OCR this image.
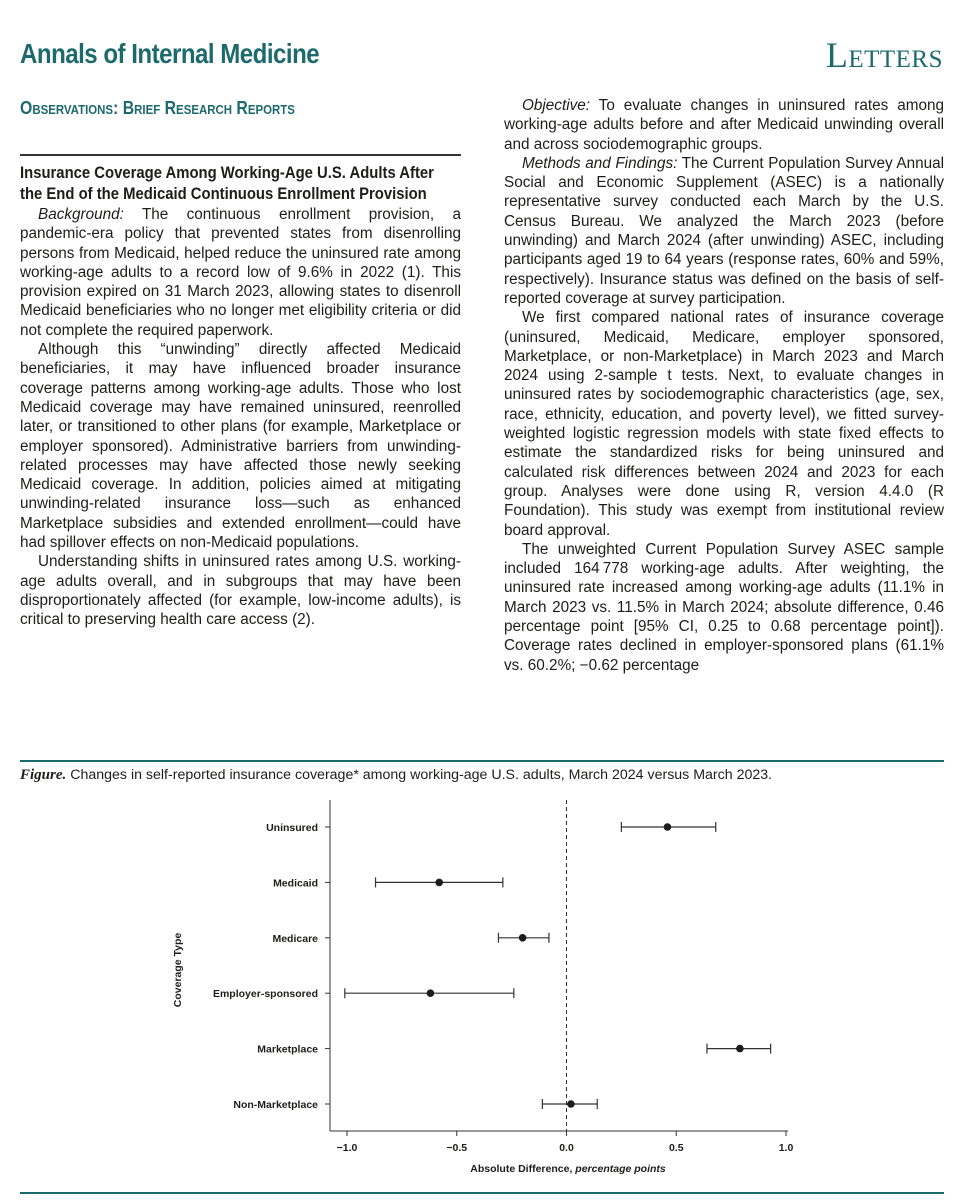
Annals of Internal Medicine	Letters
Observations: Brief Research Reports

Insurance Coverage Among Working-Age U.S. Adults After the End of the Medicaid Continuous Enrollment Provision

Background: The continuous enrollment provision, a pandemic-era policy that prevented states from disenrolling persons from Medicaid, helped reduce the uninsured rate among working-age adults to a record low of 9.6% in 2022 (1). This provision expired on 31 March 2023, allowing states to disenroll Medicaid beneficiaries who no longer met eligibility criteria or did not complete the required paperwork.

Although this “unwinding” directly affected Medicaid beneficiaries, it may have influenced broader insurance coverage patterns among working-age adults. Those who lost Medicaid coverage may have remained uninsured, reenrolled later, or transitioned to other plans (for example, Marketplace or employer sponsored). Administrative barriers from unwinding-related processes may have affected those newly seeking Medicaid coverage. In addition, policies aimed at mitigating unwinding-related insurance loss—such as enhanced Marketplace subsidies and extended enrollment—could have had spillover effects on non-Medicaid populations.

Understanding shifts in uninsured rates among U.S. working-age adults overall, and in subgroups that may have been disproportionately affected (for example, low-income adults), is critical to preserving health care access (2).

Objective: To evaluate changes in uninsured rates among working-age adults before and after Medicaid unwinding overall and across sociodemographic groups.

Methods and Findings: The Current Population Survey Annual Social and Economic Supplement (ASEC) is a nationally representative survey conducted each March by the U.S. Census Bureau. We analyzed the March 2023 (before unwinding) and March 2024 (after unwinding) ASEC, including participants aged 19 to 64 years (response rates, 60% and 59%, respectively). Insurance status was defined on the basis of self-reported coverage at survey participation.

We first compared national rates of insurance coverage (uninsured, Medicaid, Medicare, employer sponsored, Marketplace, or non-Marketplace) in March 2023 and March 2024 using 2-sample t tests. Next, to evaluate changes in uninsured rates by sociodemographic characteristics (age, sex, race, ethnicity, education, and poverty level), we fitted survey-weighted logistic regression models with state fixed effects to estimate the standardized risks for being uninsured and calculated risk differences between 2024 and 2023 for each group. Analyses were done using R, version 4.4.0 (R Foundation). This study was exempt from institutional review board approval.

The unweighted Current Population Survey ASEC sample included 164 778 working-age adults. After weighting, the uninsured rate increased among working-age adults (11.1% in March 2023 vs. 11.5% in March 2024; absolute difference, 0.46 percentage point [95% CI, 0.25 to 0.68 percentage point]). Coverage rates declined in employer-sponsored plans (61.1% vs. 60.2%; −0.62 percentage

Figure. Changes in self-reported insurance coverage* among working-age U.S. adults, March 2024 versus March 2023.
−1.0	−0.5	0.0	0.5	1.0
Absolute Difference, percentage points
Coverage Type
Uninsured
Medicaid
Medicare
Employer-sponsored
Marketplace
Non-Marketplace
